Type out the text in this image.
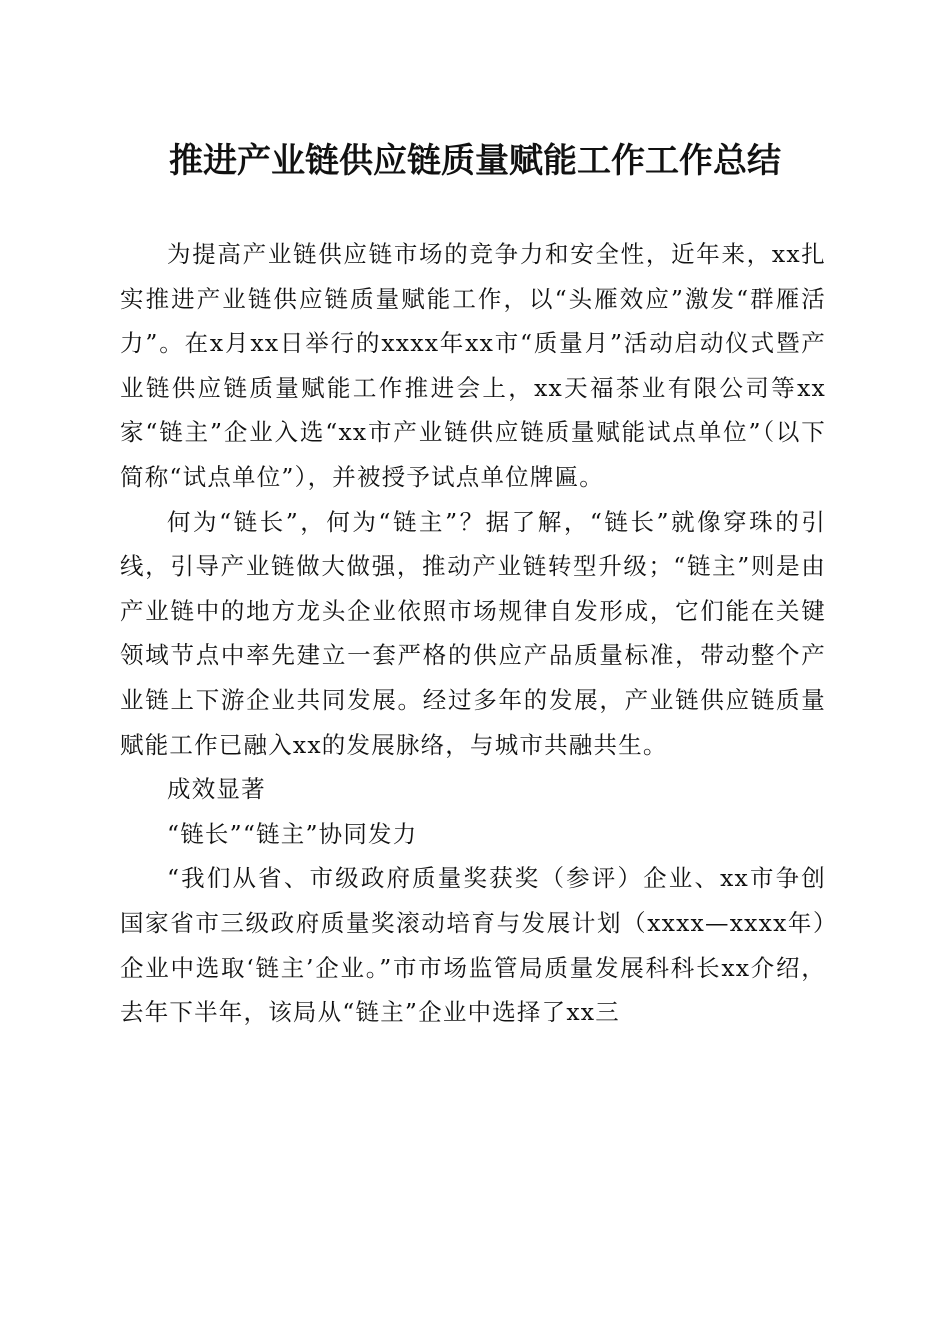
推进产业链供应链质量赋能工作工作总结

为提高产业链供应链市场的竞争力和安全性，近年来，xx扎实推进产业链供应链质量赋能工作，以“头雁效应”激发“群雁活力”。在x月xx日举行的xxxx年xx市“质量月”活动启动仪式暨产业链供应链质量赋能工作推进会上，xx天福茶业有限公司等xx家“链主”企业入选“xx市产业链供应链质量赋能试点单位”（以下简称“试点单位”），并被授予试点单位牌匾。

何为“链长”，何为“链主”？据了解，“链长”就像穿珠的引线，引导产业链做大做强，推动产业链转型升级；“链主”则是由产业链中的地方龙头企业依照市场规律自发形成，它们能在关键领域节点中率先建立一套严格的供应产品质量标准，带动整个产业链上下游企业共同发展。经过多年的发展，产业链供应链质量赋能工作已融入xx的发展脉络，与城市共融共生。

成效显著

“链长”“链主”协同发力

“我们从省、市级政府质量奖获奖（参评）企业、xx市争创国家省市三级政府质量奖滚动培育与发展计划（xxxx—xxxx年）企业中选取‘链主’企业。”市市场监管局质量发展科科长xx介绍，去年下半年，该局从“链主”企业中选择了xx三
